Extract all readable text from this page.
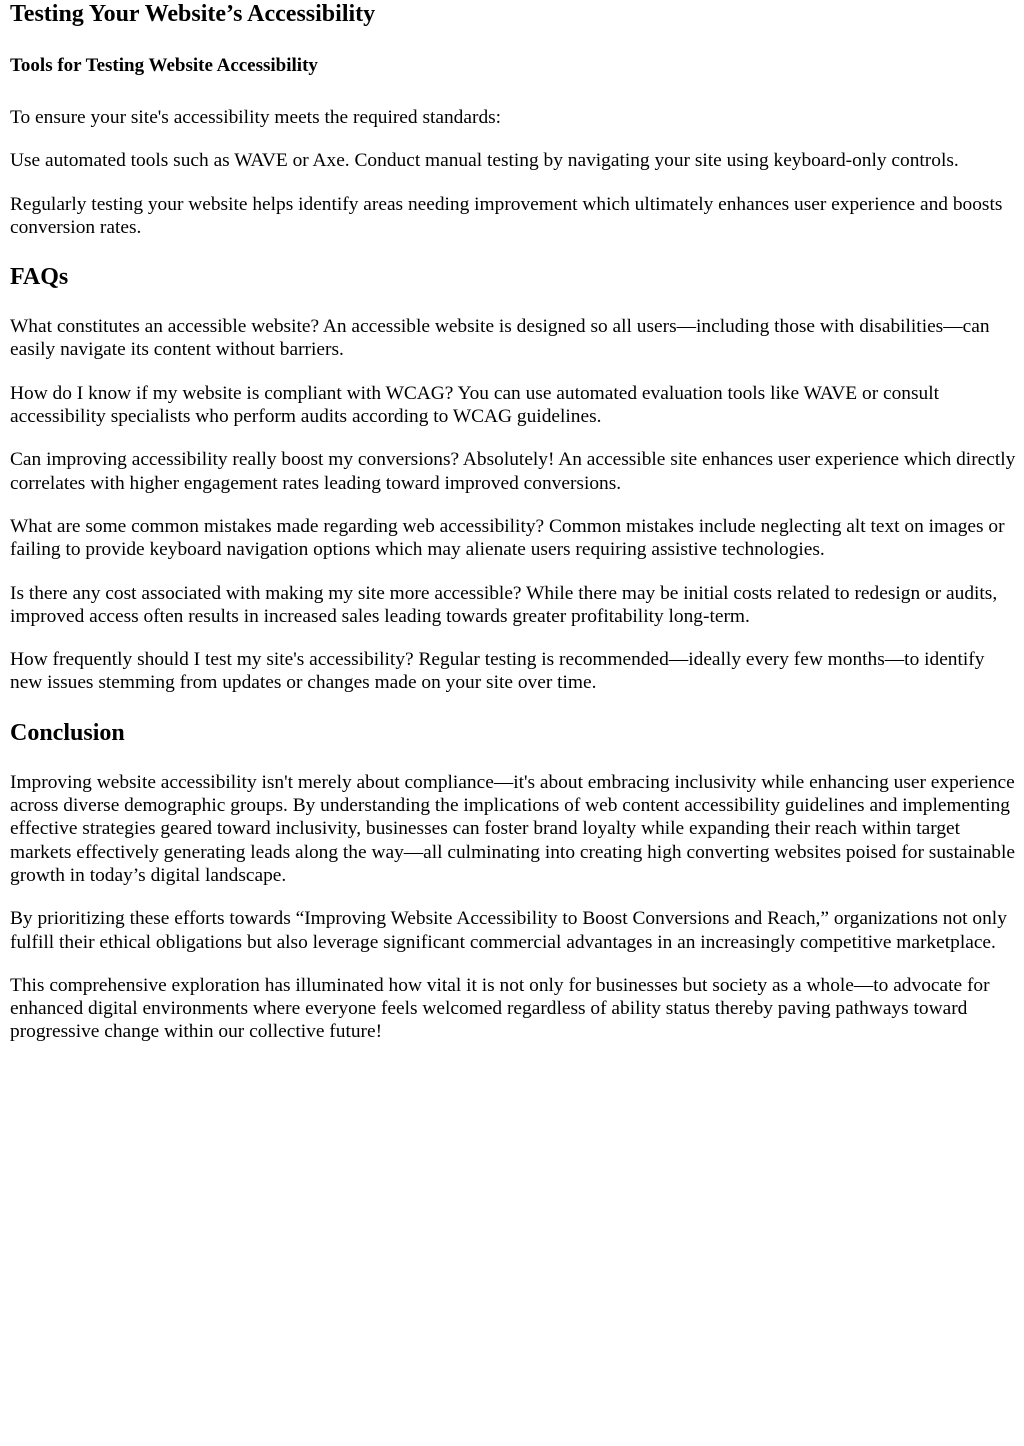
Testing Your Website’s Accessibility
Tools for Testing Website Accessibility

To ensure your site's accessibility meets the required standards:

Use automated tools such as WAVE or Axe. Conduct manual testing by navigating your site using keyboard-only controls.

Regularly testing your website helps identify areas needing improvement which ultimately enhances user experience and boosts conversion rates.

FAQs

What constitutes an accessible website? An accessible website is designed so all users—including those with disabilities—can easily navigate its content without barriers.

How do I know if my website is compliant with WCAG? You can use automated evaluation tools like WAVE or consult accessibility specialists who perform audits according to WCAG guidelines.

Can improving accessibility really boost my conversions? Absolutely! An accessible site enhances user experience which directly correlates with higher engagement rates leading toward improved conversions.

What are some common mistakes made regarding web accessibility? Common mistakes include neglecting alt text on images or failing to provide keyboard navigation options which may alienate users requiring assistive technologies.

Is there any cost associated with making my site more accessible? While there may be initial costs related to redesign or audits, improved access often results in increased sales leading towards greater profitability long-term.

How frequently should I test my site's accessibility? Regular testing is recommended—ideally every few months—to identify new issues stemming from updates or changes made on your site over time.

Conclusion

Improving website accessibility isn't merely about compliance—it's about embracing inclusivity while enhancing user experience across diverse demographic groups. By understanding the implications of web content accessibility guidelines and implementing effective strategies geared toward inclusivity, businesses can foster brand loyalty while expanding their reach within target markets effectively generating leads along the way—all culminating into creating high converting websites poised for sustainable growth in today’s digital landscape.

By prioritizing these efforts towards “Improving Website Accessibility to Boost Conversions and Reach,” organizations not only fulfill their ethical obligations but also leverage significant commercial advantages in an increasingly competitive marketplace.

This comprehensive exploration has illuminated how vital it is not only for businesses but society as a whole—to advocate for enhanced digital environments where everyone feels welcomed regardless of ability status thereby paving pathways toward progressive change within our collective future!
